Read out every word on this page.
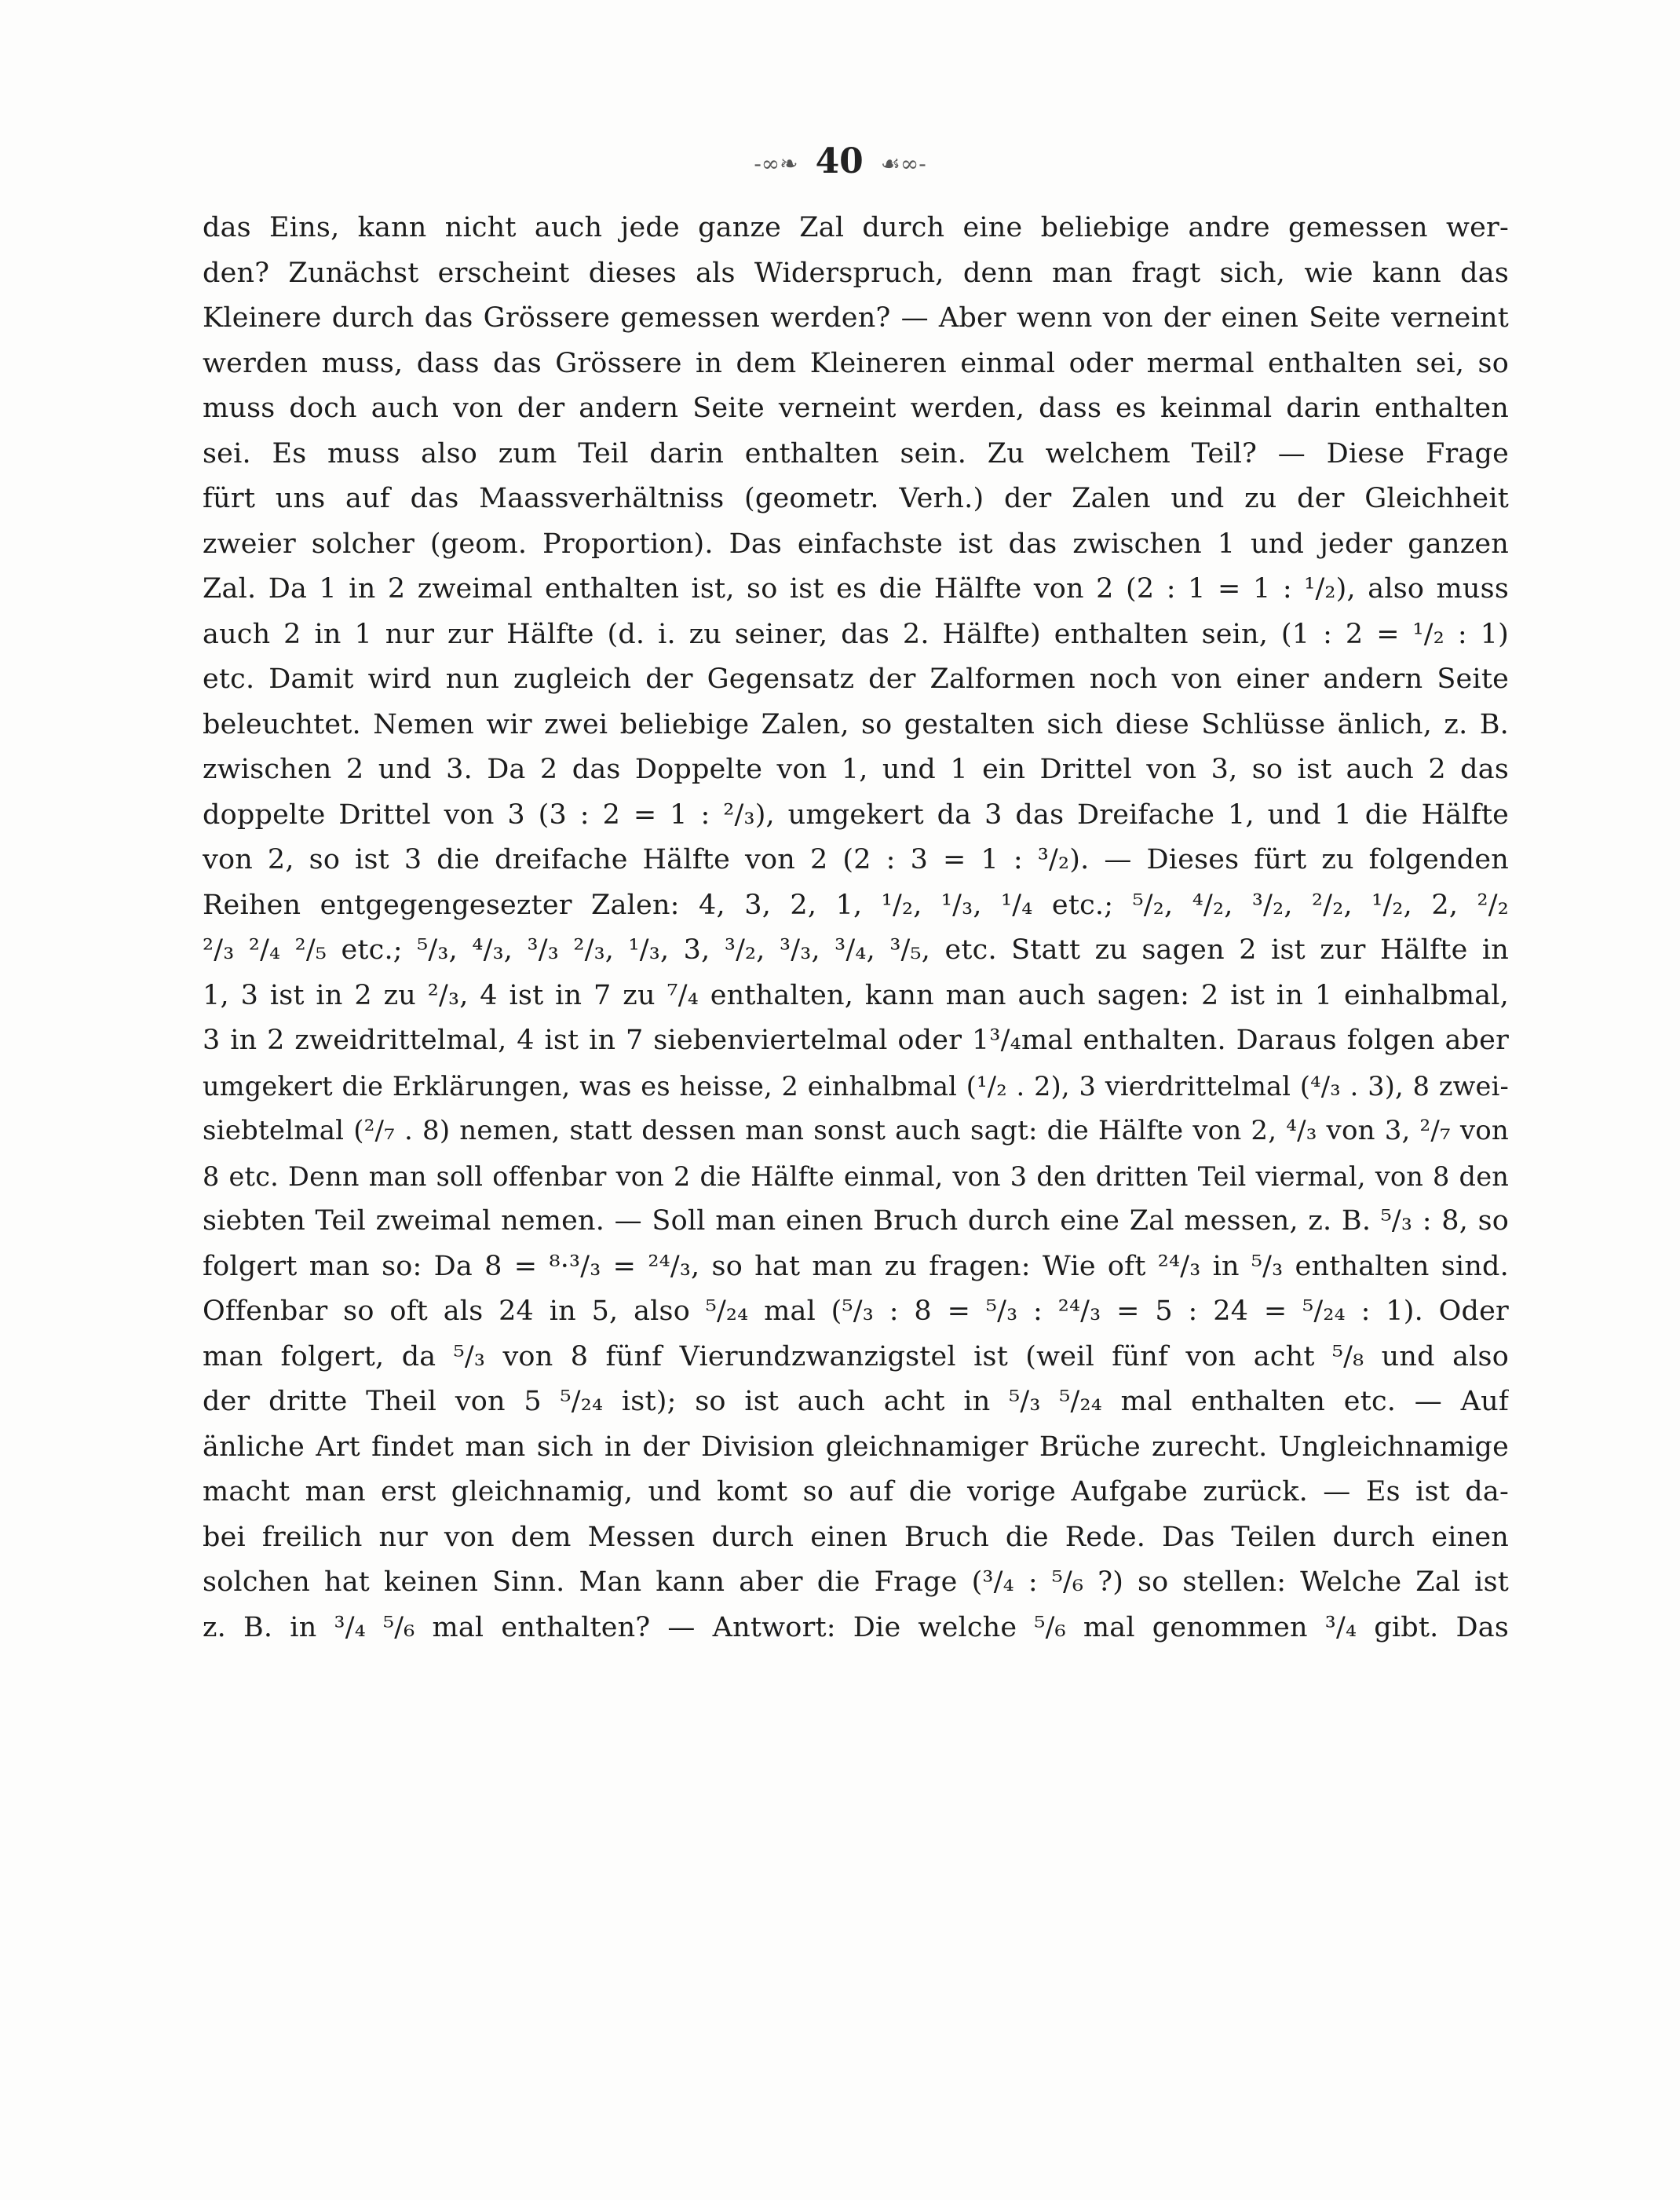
-∞❧ 40 ☙∞-
das Eins, kann nicht auch jede ganze Zal durch eine beliebige andre gemessen wer-
den? Zunächst erscheint dieses als Widerspruch, denn man fragt sich, wie kann das
Kleinere durch das Grössere gemessen werden? — Aber wenn von der einen Seite verneint
werden muss, dass das Grössere in dem Kleineren einmal oder mermal enthalten sei, so
muss doch auch von der andern Seite verneint werden, dass es keinmal darin enthalten
sei. Es muss also zum Teil darin enthalten sein. Zu welchem Teil? — Diese Frage
fürt uns auf das Maassverhältniss (geometr. Verh.) der Zalen und zu der Gleichheit
zweier solcher (geom. Proportion). Das einfachste ist das zwischen 1 und jeder ganzen
Zal. Da 1 in 2 zweimal enthalten ist, so ist es die Hälfte von 2 (2 : 1 = 1 : ¹/₂), also muss
auch 2 in 1 nur zur Hälfte (d. i. zu seiner, das 2. Hälfte) enthalten sein, (1 : 2 = ¹/₂ : 1)
etc. Damit wird nun zugleich der Gegensatz der Zalformen noch von einer andern Seite
beleuchtet. Nemen wir zwei beliebige Zalen, so gestalten sich diese Schlüsse änlich, z. B.
zwischen 2 und 3. Da 2 das Doppelte von 1, und 1 ein Drittel von 3, so ist auch 2 das
doppelte Drittel von 3 (3 : 2 = 1 : ²/₃), umgekert da 3 das Dreifache 1, und 1 die Hälfte
von 2, so ist 3 die dreifache Hälfte von 2 (2 : 3 = 1 : ³/₂). — Dieses fürt zu folgenden
Reihen entgegengesezter Zalen: 4, 3, 2, 1, ¹/₂, ¹/₃, ¹/₄ etc.; ⁵/₂, ⁴/₂, ³/₂, ²/₂, ¹/₂, 2, ²/₂
²/₃ ²/₄ ²/₅ etc.; ⁵/₃, ⁴/₃, ³/₃ ²/₃, ¹/₃, 3, ³/₂, ³/₃, ³/₄, ³/₅, etc. Statt zu sagen 2 ist zur Hälfte in
1, 3 ist in 2 zu ²/₃, 4 ist in 7 zu ⁷/₄ enthalten, kann man auch sagen: 2 ist in 1 einhalbmal,
3 in 2 zweidrittelmal, 4 ist in 7 siebenviertelmal oder 1³/₄mal enthalten. Daraus folgen aber
umgekert die Erklärungen, was es heisse, 2 einhalbmal (¹/₂ . 2), 3 vierdrittelmal (⁴/₃ . 3), 8 zwei-
siebtelmal (²/₇ . 8) nemen, statt dessen man sonst auch sagt: die Hälfte von 2, ⁴/₃ von 3, ²/₇ von
8 etc. Denn man soll offenbar von 2 die Hälfte einmal, von 3 den dritten Teil viermal, von 8 den
siebten Teil zweimal nemen. — Soll man einen Bruch durch eine Zal messen, z. B. ⁵/₃ : 8, so
folgert man so: Da 8 = ⁸·³/₃ = ²⁴/₃, so hat man zu fragen: Wie oft ²⁴/₃ in ⁵/₃ enthalten sind.
Offenbar so oft als 24 in 5, also ⁵/₂₄ mal (⁵/₃ : 8 = ⁵/₃ : ²⁴/₃ = 5 : 24 = ⁵/₂₄ : 1). Oder
man folgert, da ⁵/₃ von 8 fünf Vierundzwanzigstel ist (weil fünf von acht ⁵/₈ und also
der dritte Theil von 5 ⁵/₂₄ ist); so ist auch acht in ⁵/₃ ⁵/₂₄ mal enthalten etc. — Auf
änliche Art findet man sich in der Division gleichnamiger Brüche zurecht. Ungleichnamige
macht man erst gleichnamig, und komt so auf die vorige Aufgabe zurück. — Es ist da-
bei freilich nur von dem Messen durch einen Bruch die Rede. Das Teilen durch einen
solchen hat keinen Sinn. Man kann aber die Frage (³/₄ : ⁵/₆ ?) so stellen: Welche Zal ist
z. B. in ³/₄ ⁵/₆ mal enthalten? — Antwort: Die welche ⁵/₆ mal genommen ³/₄ gibt. Das
